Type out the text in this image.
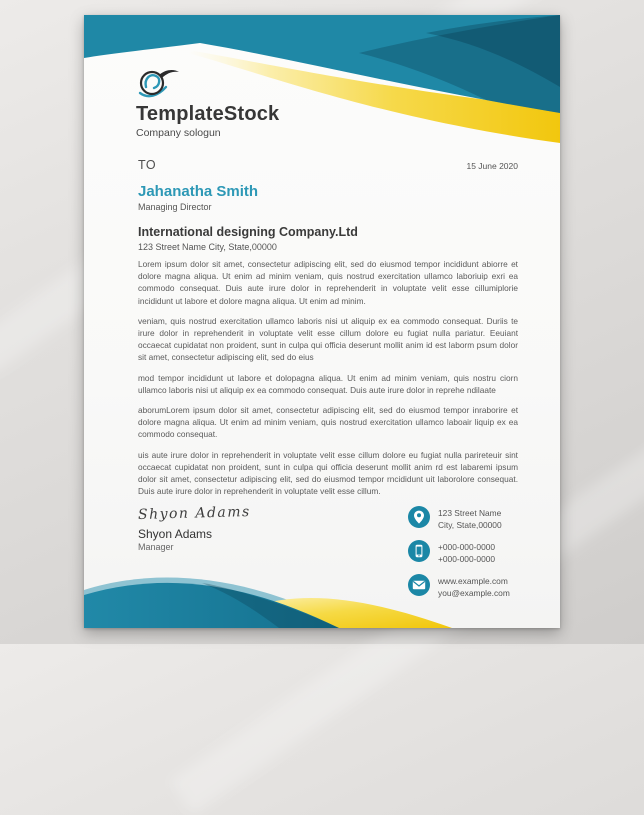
TemplateStock
Company sologun
TO	15 June 2020
Jahanatha Smith
Managing Director
International designing Company.Ltd
123 Street Name City, State,00000

Lorem ipsum dolor sit amet, consectetur adipiscing elit, sed do eiusmod tempor incididunt abiorre et dolore magna aliqua. Ut enim ad minim veniam, quis nostrud exercitation ullamco laboriuip exri ea commodo consequat. Duis aute irure dolor in reprehenderit in voluptate velit esse cillumiplorie incididunt ut labore et dolore magna aliqua. Ut enim ad minim.

veniam, quis nostrud exercitation ullamco laboris nisi ut aliquip ex ea commodo consequat. Duriis te irure dolor in reprehenderit in voluptate velit esse cillum dolore eu fugiat nulla pariatur. Eeuiant occaecat cupidatat non proident, sunt in culpa qui officia deserunt mollit anim id est laborm psum dolor sit amet, consectetur adipiscing elit, sed do eius

mod tempor incididunt ut labore et dolopagna aliqua. Ut enim ad minim veniam, quis nostru ciorn ullamco laboris nisi ut aliquip ex ea commodo consequat. Duis aute irure dolor in reprehe ndilaate

aborumLorem ipsum dolor sit amet, consectetur adipiscing elit, sed do eiusmod tempor inraborire et dolore magna aliqua. Ut enim ad minim veniam, quis nostrud exercitation ullamco laboair liquip ex ea commodo consequat.

uis aute irure dolor in reprehenderit in voluptate velit esse cillum dolore eu fugiat nulla parireteuir sint occaecat cupidatat non proident, sunt in culpa qui officia deserunt mollit anim rd est labaremi ipsum dolor sit amet, consectetur adipiscing elit, sed do eiusmod tempor rncididunt uit laborolore consequat. Duis aute irure dolor in reprehenderit in voluptate velit esse cillum.

Shyon Adams
Shyon Adams
Manager
123 Street Name
City, State,00000
+000-000-0000
+000-000-0000
www.example.com
you@example.com
